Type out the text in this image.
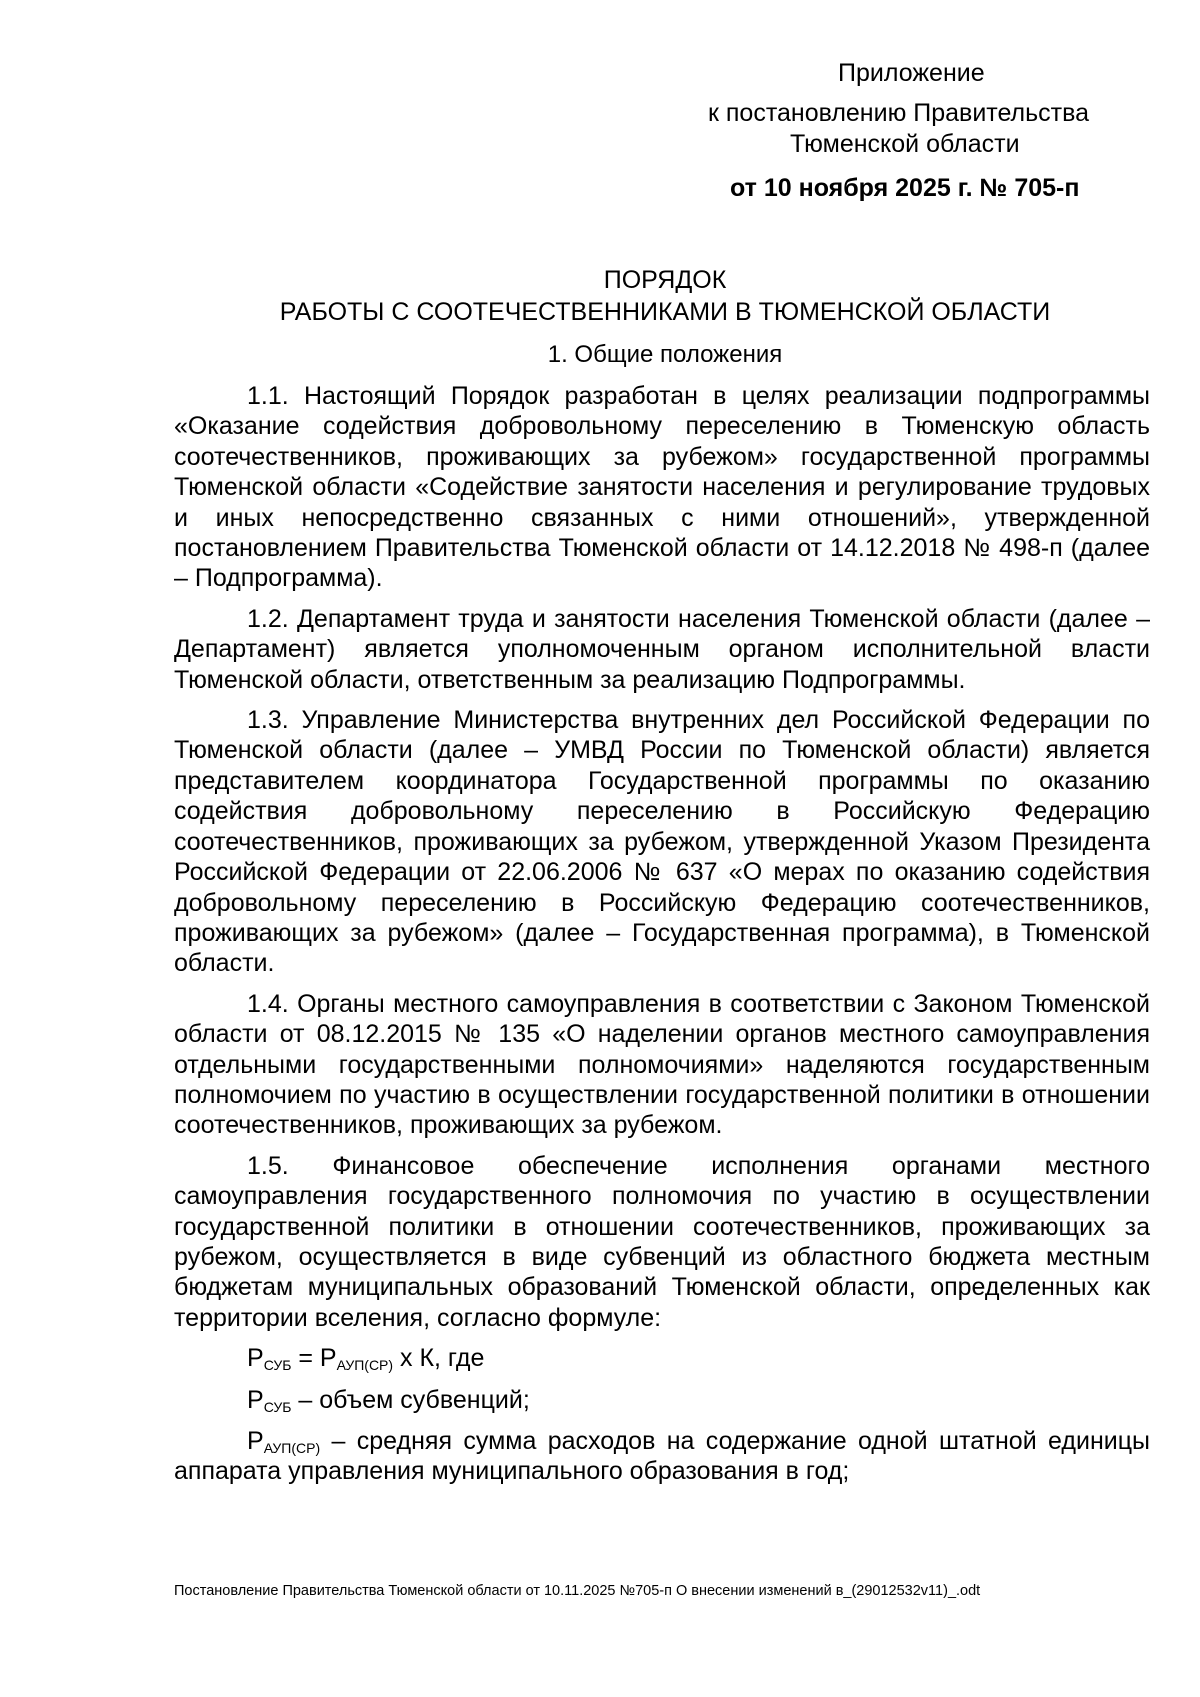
Приложение
к постановлению Правительства
Тюменской области
от 10 ноября 2025 г. № 705-п
ПОРЯДОК
РАБОТЫ С СООТЕЧЕСТВЕННИКАМИ В ТЮМЕНСКОЙ ОБЛАСТИ
1. Общие положения

1.1. Настоящий Порядок разработан в целях реализации подпрограммы «Оказание содействия добровольному переселению в Тюменскую область соотечественников, проживающих за рубежом» государственной программы Тюменской области «Содействие занятости населения и регулирование трудовых и иных непосредственно связанных с ними отношений», утвержденной постановлением Правительства Тюменской области от 14.12.2018 № 498-п (далее – Подпрограмма).

1.2. Департамент труда и занятости населения Тюменской области (далее – Департамент) является уполномоченным органом исполнительной власти Тюменской области, ответственным за реализацию Подпрограммы.

1.3. Управление Министерства внутренних дел Российской Федерации по Тюменской области (далее – УМВД России по Тюменской области) является представителем координатора Государственной программы по оказанию содействия добровольному переселению в Российскую Федерацию соотечественников, проживающих за рубежом, утвержденной Указом Президента Российской Федерации от 22.06.2006 № 637 «О мерах по оказанию содействия добровольному переселению в Российскую Федерацию соотечественников, проживающих за рубежом» (далее – Государственная программа), в Тюменской области.

1.4. Органы местного самоуправления в соответствии с Законом Тюменской области от 08.12.2015 № 135 «О наделении органов местного самоуправления отдельными государственными полномочиями» наделяются государственным полномочием по участию в осуществлении государственной политики в отношении соотечественников, проживающих за рубежом.

1.5. Финансовое обеспечение исполнения органами местного самоуправления государственного полномочия по участию в осуществлении государственной политики в отношении соотечественников, проживающих за рубежом, осуществляется в виде субвенций из областного бюджета местным бюджетам муниципальных образований Тюменской области, определенных как территории вселения, согласно формуле:

$Р_{СУБ} = Р_{АУП(СР)}$ х К, где

$Р_{СУБ}$ – объем субвенций;

$Р_{АУП(СР)}$ – средняя сумма расходов на содержание одной штатной единицы аппарата управления муниципального образования в год;

Постановление Правительства Тюменской области от 10.11.2025 №705-п О внесении изменений в_(29012532v11)_.odt
